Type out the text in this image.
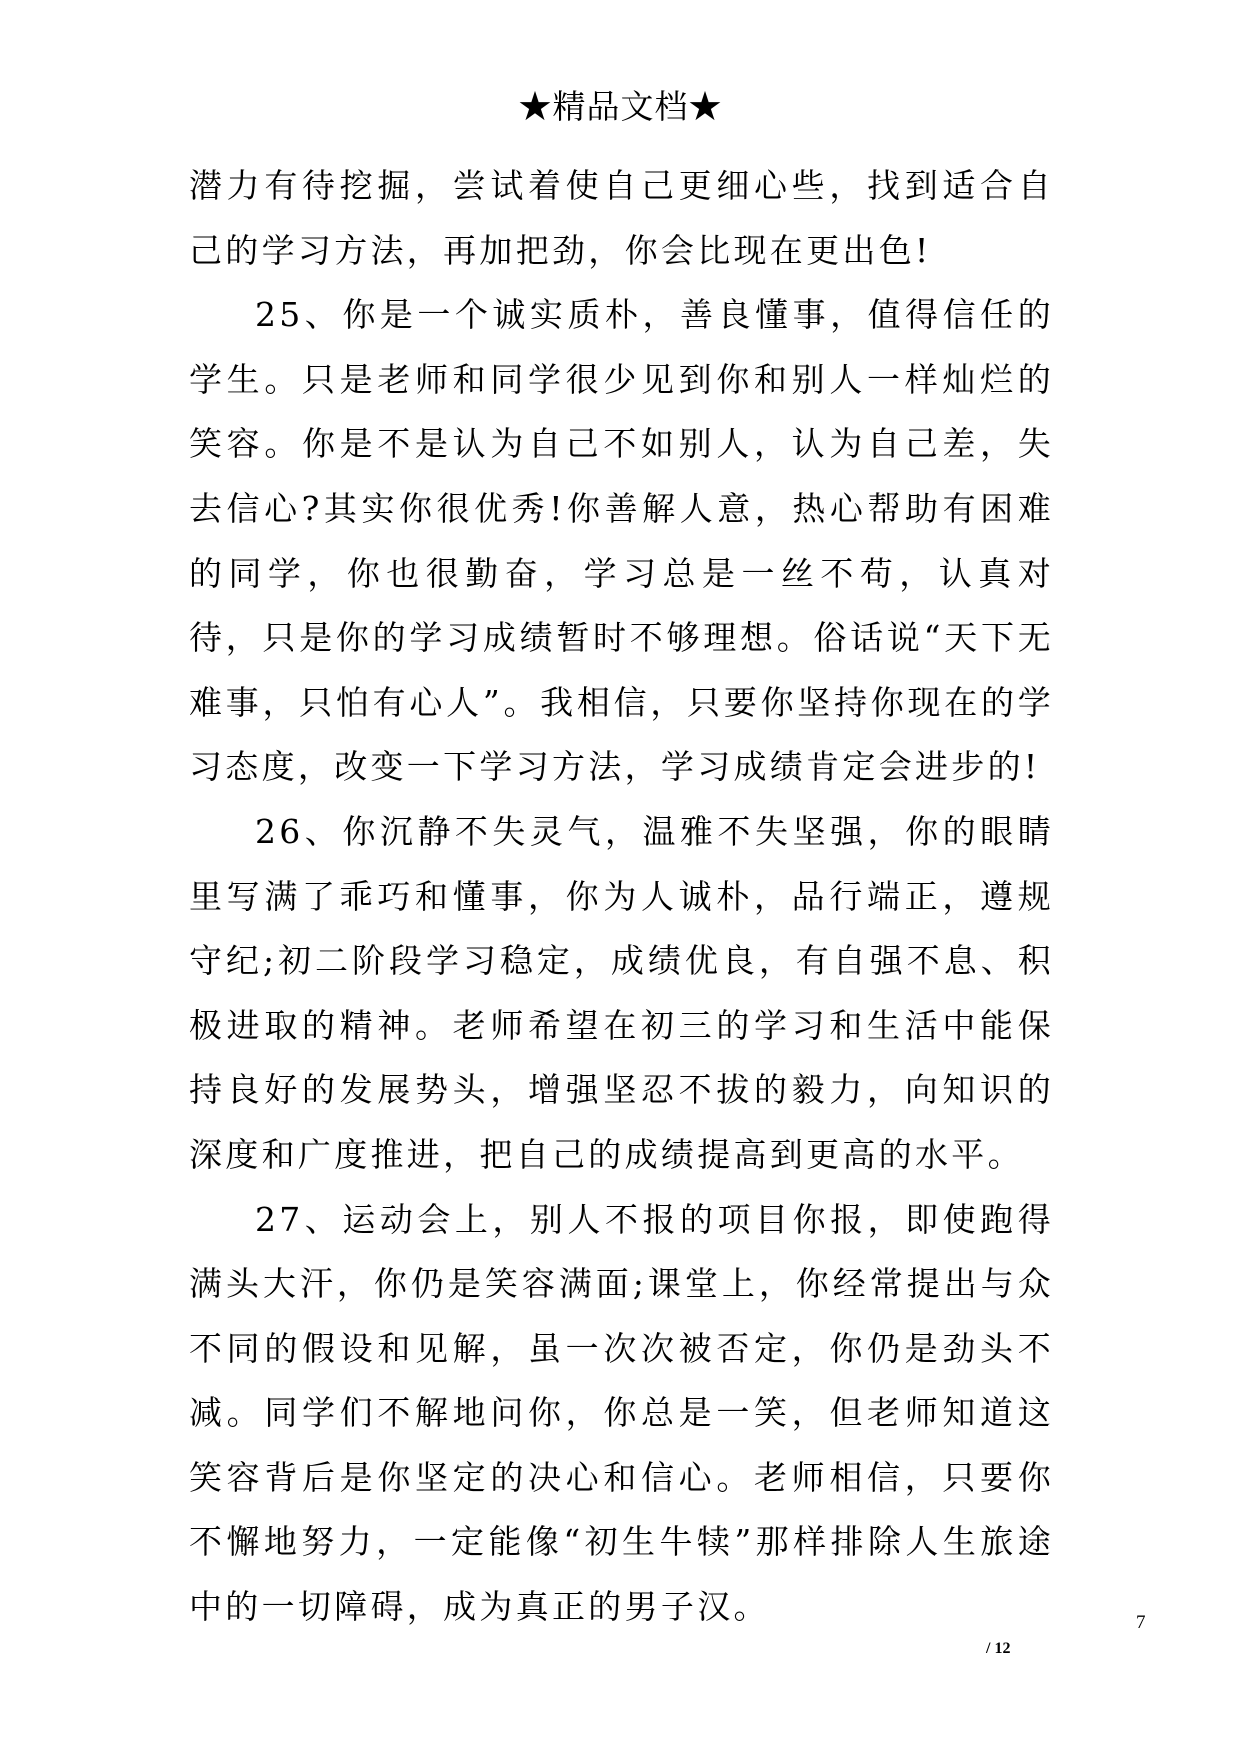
★精品文档★

潜力有待挖掘，尝试着使自己更细心些，找到适合自己的学习方法，再加把劲，你会比现在更出色!

25、你是一个诚实质朴，善良懂事，值得信任的学生。只是老师和同学很少见到你和别人一样灿烂的笑容。你是不是认为自己不如别人，认为自己差，失去信心?其实你很优秀!你善解人意，热心帮助有困难的同学，你也很勤奋，学习总是一丝不苟，认真对待，只是你的学习成绩暂时不够理想。俗话说“天下无难事，只怕有心人”。我相信，只要你坚持你现在的学习态度，改变一下学习方法，学习成绩肯定会进步的!

26、你沉静不失灵气，温雅不失坚强，你的眼睛里写满了乖巧和懂事，你为人诚朴，品行端正，遵规守纪;初二阶段学习稳定，成绩优良，有自强不息、积极进取的精神。老师希望在初三的学习和生活中能保持良好的发展势头，增强坚忍不拔的毅力，向知识的深度和广度推进，把自己的成绩提高到更高的水平。

27、运动会上，别人不报的项目你报，即使跑得满头大汗，你仍是笑容满面;课堂上，你经常提出与众不同的假设和见解，虽一次次被否定，你仍是劲头不减。同学们不解地问你，你总是一笑，但老师知道这笑容背后是你坚定的决心和信心。老师相信，只要你不懈地努力，一定能像“初生牛犊”那样排除人生旅途中的一切障碍，成为真正的男子汉。	7
/ 12
